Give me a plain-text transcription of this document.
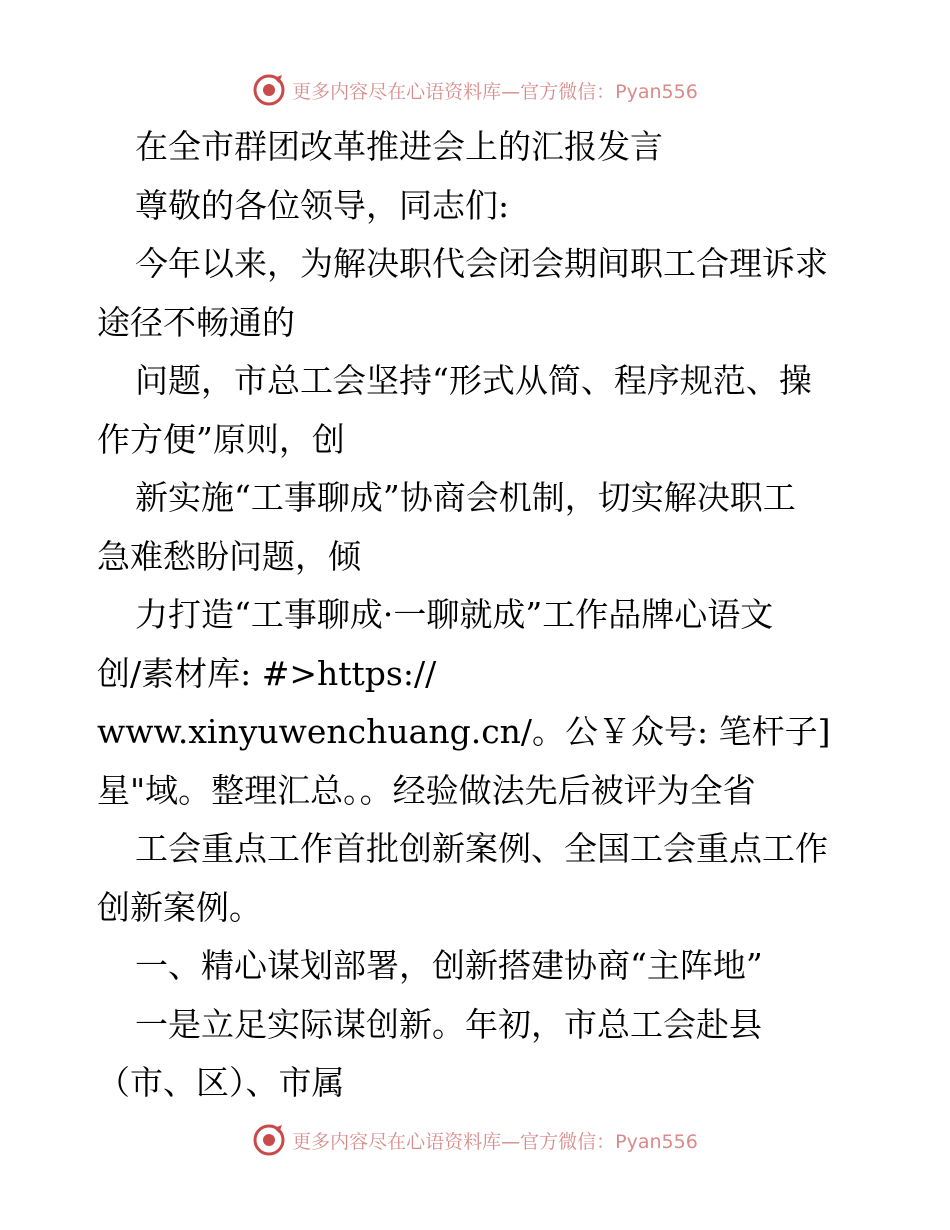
更多内容尽在心语资料库—官方微信：Pyan556
在全市群团改革推进会上的汇报发言
尊敬的各位领导，同志们:
今年以来，为解决职代会闭会期间职工合理诉求
途径不畅通的
问题，市总工会坚持“形式从简、程序规范、操
作方便”原则，创
新实施“工事聊成”协商会机制，切实解决职工
急难愁盼问题，倾
力打造“工事聊成·一聊就成”工作品牌心语文
创/素材库: #>https://
www.xinyuwenchuang.cn/。公￥众号: 笔杆子]
星"域。整理汇总。。经验做法先后被评为全省
工会重点工作首批创新案例、全国工会重点工作
创新案例。
一、精心谋划部署，创新搭建协商“主阵地”
一是立足实际谋创新。年初，市总工会赴县
（市、区）、市属
更多内容尽在心语资料库—官方微信：Pyan556
